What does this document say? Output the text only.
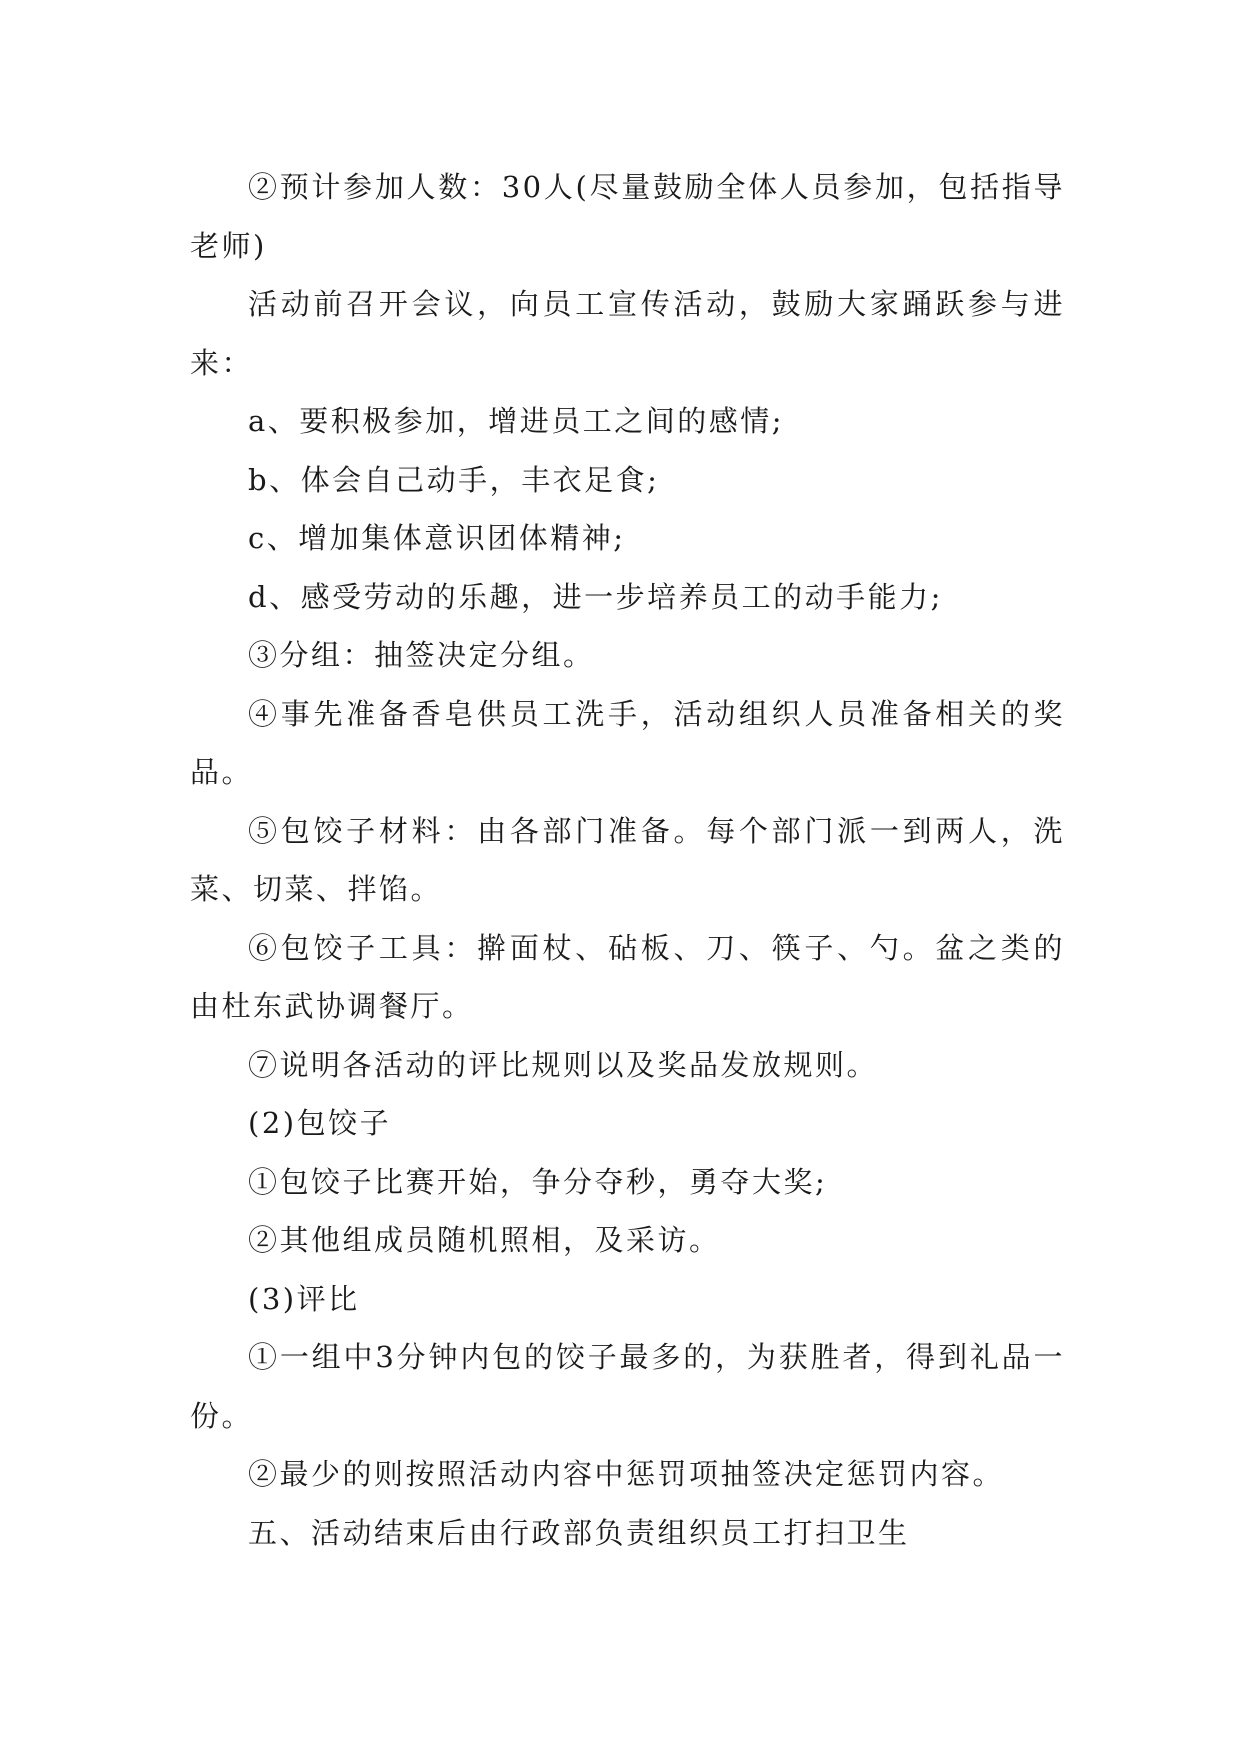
②预计参加人数：30人(尽量鼓励全体人员参加，包括指导老师)

活动前召开会议，向员工宣传活动，鼓励大家踊跃参与进来：

a、要积极参加，增进员工之间的感情;

b、体会自己动手，丰衣足食;

c、增加集体意识团体精神;

d、感受劳动的乐趣，进一步培养员工的动手能力;

③分组：抽签决定分组。

④事先准备香皂供员工洗手，活动组织人员准备相关的奖品。

⑤包饺子材料：由各部门准备。每个部门派一到两人，洗菜、切菜、拌馅。

⑥包饺子工具：擀面杖、砧板、刀、筷子、勺。盆之类的由杜东武协调餐厅。

⑦说明各活动的评比规则以及奖品发放规则。

(2)包饺子

①包饺子比赛开始，争分夺秒，勇夺大奖;

②其他组成员随机照相，及采访。

(3)评比

①一组中3分钟内包的饺子最多的，为获胜者，得到礼品一份。

②最少的则按照活动内容中惩罚项抽签决定惩罚内容。

五、活动结束后由行政部负责组织员工打扫卫生
